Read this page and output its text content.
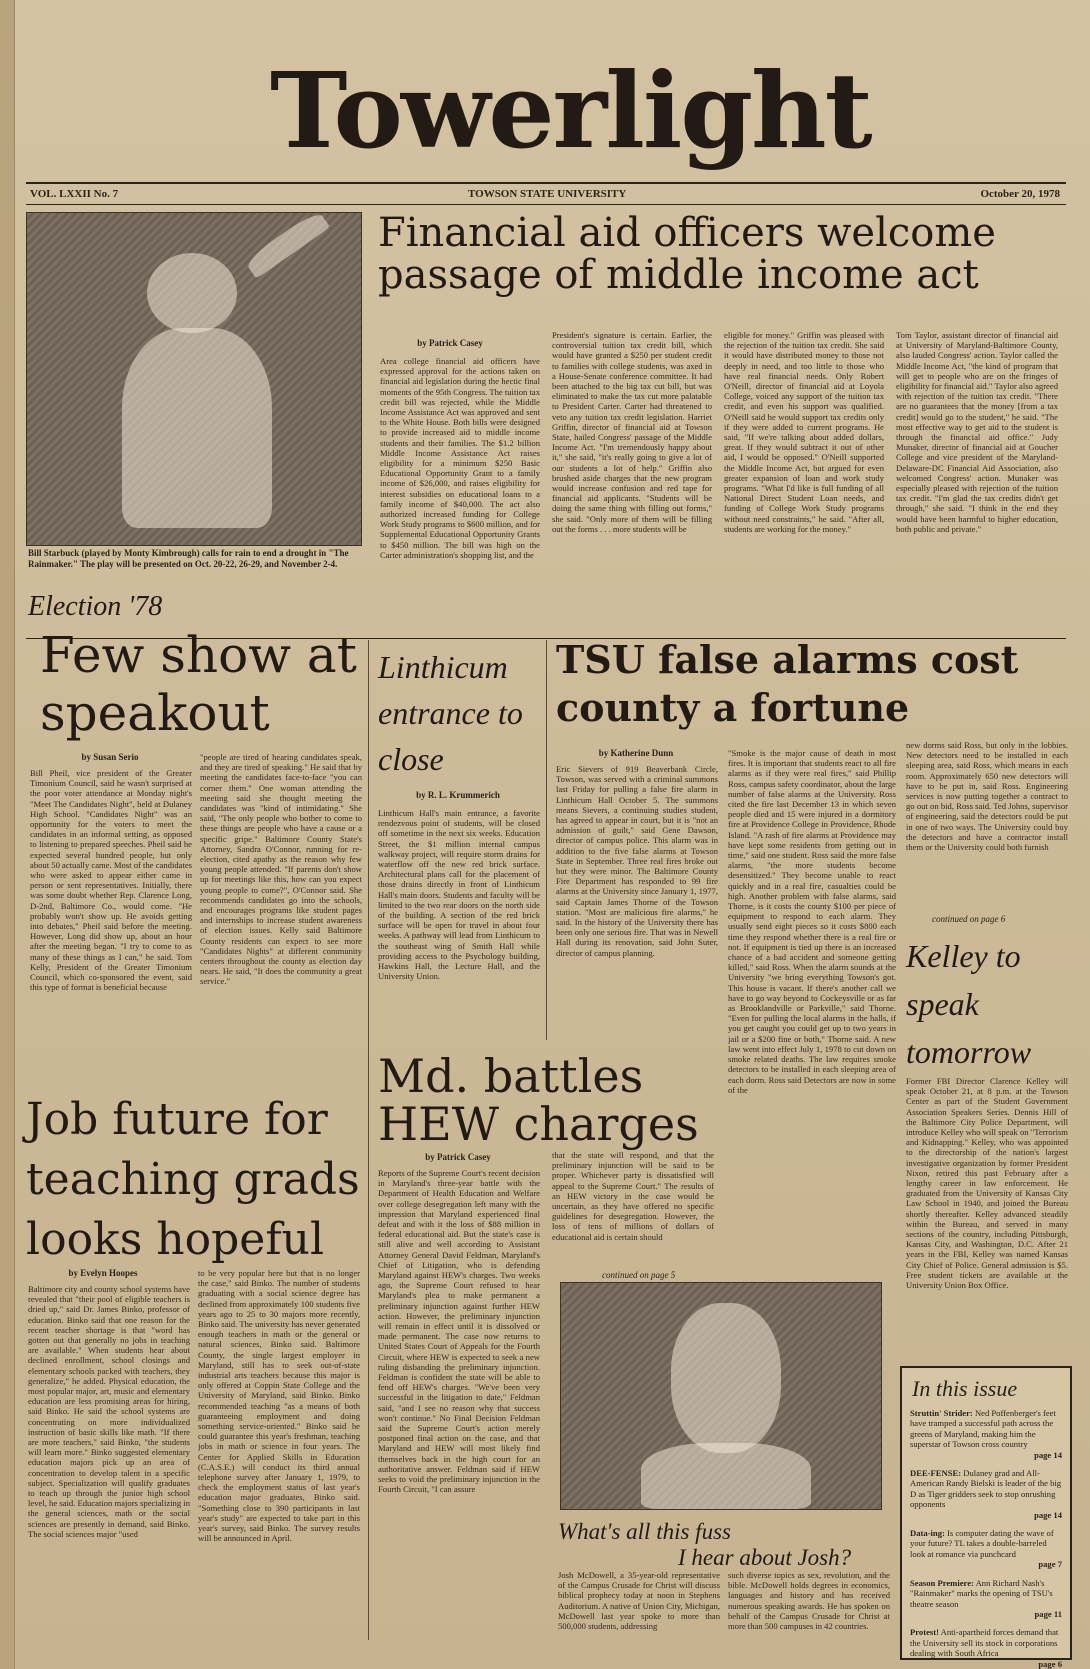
Towerlight
VOL. LXXII No. 7	TOWSON STATE UNIVERSITY	October 20, 1978
Bill Starbuck (played by Monty Kimbrough) calls for rain to end a drought in "The Rainmaker." The play will be presented on Oct. 20-22, 26-29, and November 2-4.
Financial aid officers welcome passage of middle income act
by Patrick Casey
Area college financial aid officers have expressed approval for the actions taken on financial aid legislation during the hectic final moments of the 95th Congress. The tuition tax credit bill was rejected, while the Middle Income Assistance Act was approved and sent to the White House. Both bills were designed to provide increased aid to middle income students and their families. The $1.2 billion Middle Income Assistance Act raises eligibility for a minimum $250 Basic Educational Opportunity Grant to a family income of $26,000, and raises eligibility for interest subsidies on educational loans to a family income of $40,000. The act also authorized increased funding for College Work Study programs to $600 million, and for Supplemental Educational Opportunity Grants to $450 million. The bill was high on the Carter administration's shopping list, and the
President's signature is certain. Earlier, the controversial tuition tax credit bill, which would have granted a $250 per student credit to families with college students, was axed in a House-Senate conference committee. It had been attached to the big tax cut bill, but was eliminated to make the tax cut more palatable to President Carter. Carter had threatened to veto any tuition tax credit legislation. Harriet Griffin, director of financial aid at Towson State, hailed Congress' passage of the Middle Income Act. "I'm tremendously happy about it," she said, "it's really going to give a lot of our students a lot of help." Griffin also brushed aside charges that the new program would increase confusion and red tape for financial aid applicants. "Students will be doing the same thing with filling out forms," she said. "Only more of them will be filling out the forms . . . more students will be
eligible for money." Griffin was pleased with the rejection of the tuition tax credit. She said it would have distributed money to those not deeply in need, and too little to those who have real financial needs. Only Robert O'Neill, director of financial aid at Loyola College, voiced any support of the tuition tax credit, and even his support was qualified. O'Neill said he would support tax credits only if they were added to current programs. He said, "If we're talking about added dollars, great. If they would subtract it out of other aid, I would be opposed." O'Neill supported the Middle Income Act, but argued for even greater expansion of loan and work study programs. "What I'd like is full funding of all National Direct Student Loan needs, and funding of College Work Study programs without need constraints," he said. "After all, students are working for the money."
Tom Taylor, assistant director of financial aid at University of Maryland-Baltimore County, also lauded Congress' action. Taylor called the Middle Income Act, "the kind of program that will get to people who are on the fringes of eligibility for financial aid." Taylor also agreed with rejection of the tuition tax credit. "There are no guarantees that the money [from a tax credit] would go to the student," he said. "The most effective way to get aid to the student is through the financial aid office." Judy Munaker, director of financial aid at Goucher College and vice president of the Maryland-Delaware-DC Financial Aid Association, also welcomed Congress' action. Munaker was especially pleased with rejection of the tuition tax credit. "I'm glad the tax credits didn't get through," she said. "I think in the end they would have been harmful to higher education, both public and private."
Election '78
Few show at speakout
by Susan Serio
Bill Pheil, vice president of the Greater Timonium Council, said he wasn't surprised at the poor voter attendance at Monday night's "Meet The Candidates Night", held at Dulaney High School. "Candidates Night" was an opportunity for the voters to meet the candidates in an informal setting, as opposed to listening to prepared speeches. Pheil said he expected several hundred people, but only about 50 actually came. Most of the candidates who were asked to appear either came in person or sent representatives. Initially, there was some doubt whether Rep. Clarence Long, D-2nd, Baltimore Co., would come. "He probably won't show up. He avoids getting into debates," Pheil said before the meeting. However, Long did show up, about an hour after the meeting began. "I try to come to as many of these things as I can," he said. Tom Kelly, President of the Greater Timonium Council, which co-sponsored the event, said this type of format is beneficial because
"people are tired of hearing candidates speak, and they are tired of speaking." He said that by meeting the candidates face-to-face "you can corner them." One woman attending the meeting said she thought meeting the candidates was "kind of intimidating." She said, "The only people who bother to come to these things are people who have a cause or a specific gripe." Baltimore County State's Attorney, Sandra O'Connor, running for re-election, cited apathy as the reason why few young people attended. "If parents don't show up for meetings like this, how can you expect young people to come?", O'Connor said. She recommends candidates go into the schools, and encourages programs like student pages and internships to increase student awareness of election issues. Kelly said Baltimore County residents can expect to see more "Candidates Nights" at different community centers throughout the county as election day nears. He said, "It does the community a great service."
Linthicum entrance to close
by R. L. Krummerich
Linthicum Hall's main entrance, a favorite rendezvous point of students, will be closed off sometime in the next six weeks. Education Street, the $1 million internal campus walkway project, will require storm drains for waterflow off the new red brick surface. Architectural plans call for the placement of those drains directly in front of Linthicum Hall's main doors. Students and faculty will be limited to the two rear doors on the north side of the building. A section of the red brick surface will be open for travel in about four weeks. A pathway will lead from Linthicum to the southeast wing of Smith Hall while providing access to the Psychology building, Hawkins Hall, the Lecture Hall, and the University Union.
TSU false alarms cost county a fortune
by Katherine Dunn
Eric Sievers of 919 Beaverbank Circle, Towson, was served with a criminal summons last Friday for pulling a false fire alarm in Linthicum Hall October 5. The summons means Sievers, a continuing studies student, has agreed to appear in court, but it is "not an admission of guilt," said Gene Dawson, director of campus police. This alarm was in addition to the five false alarms at Towson State in September. Three real fires broke out but they were minor. The Baltimore County Fire Department has responded to 99 fire alarms at the University since January 1, 1977, said Captain James Thorne of the Towson station. "Most are malicious fire alarms," he said. In the history of the University there has been only one serious fire. That was in Newell Hall during its renovation, said John Suter, director of campus planning.
"Smoke is the major cause of death in most fires. It is important that students react to all fire alarms as if they were real fires," said Phillip Ross, campus safety coordinator, about the large number of false alarms at the University. Ross cited the fire last December 13 in which seven people died and 15 were injured in a dormitory fire at Providence College in Providence, Rhode Island. "A rash of fire alarms at Providence may have kept some residents from getting out in time," said one student. Ross said the more false alarms, "the more students become desensitized." They become unable to react quickly and in a real fire, casualties could be high. Another problem with false alarms, said Thorne, is it costs the county $100 per piece of equipment to respond to each alarm. They usually send eight pieces so it costs $800 each time they respond whether there is a real fire or not. If equipment is tied up there is an increased chance of a bad accident and someone getting killed," said Ross. When the alarm sounds at the University "we bring everything Towson's got. This house is vacant. If there's another call we have to go way beyond to Cockeysville or as far as Brooklandville or Parkville," said Thorne. "Even for pulling the local alarms in the halls, if you get caught you could get up to two years in jail or a $200 fine or both," Thorne said. A new law went into effect July 1, 1978 to cut down on smoke related deaths. The law requires smoke detectors to be installed in each sleeping area of each dorm. Ross said Detectors are now in some of the
new dorms said Ross, but only in the lobbies. New detectors need to be installed in each sleeping area, said Ross, which means in each room. Approximately 650 new detectors will have to be put in, said Ross. Engineering services is now putting together a contract to go out on bid, Ross said. Ted Johns, supervisor of engineering, said the detectors could be put in one of two ways. The University could buy the detectors and have a contractor install them or the University could both furnish
continued on page 6
Kelley to speak tomorrow
Former FBI Director Clarence Kelley will speak October 21, at 8 p.m. at the Towson Center as part of the Student Government Association Speakers Series. Dennis Hill of the Baltimore City Police Department, will introduce Kelley who will speak on "Terrorism and Kidnapping." Kelley, who was appointed to the directorship of the nation's largest investigative organization by former President Nixon, retired this past February after a lengthy career in law enforcement. He graduated from the University of Kansas City Law School in 1940, and joined the Bureau shortly thereafter. Kelley advanced steadily within the Bureau, and served in many sections of the country, including Pittsburgh, Kansas City, and Washington, D.C. After 21 years in the FBI, Kelley was named Kansas City Chief of Police. General admission is $5. Free student tickets are available at the University Union Box Office.
In this issue
Struttin' Strider: Ned Poffenberger's feet have tramped a successful path across the greens of Maryland, making him the superstar of Towson cross country
page 14
DEE-FENSE: Dulaney grad and All-American Randy Bielski is leader of the big D as Tiger gridders seek to stop onrushing opponents
page 14
Data-ing: Is computer dating the wave of your future? TL takes a double-barreled look at romance via punchcard
page 7
Season Premiere: Ann Richard Nash's "Rainmaker" marks the opening of TSU's theatre season
page 11
Protest! Anti-apartheid forces demand that the University sell its stock in corporations dealing with South Africa
page 6
Job future for teaching grads looks hopeful
by Evelyn Hoopes
Baltimore city and county school systems have revealed that "their pool of eligible teachers is dried up," said Dr. James Binko, professor of education. Binko said that one reason for the recent teacher shortage is that "word has gotten out that generally no jobs in teaching are available." When students hear about declined enrollment, school closings and elementary schools packed with teachers, they generalize," he added. Physical education, the most popular major, art, music and elementary education are less promising areas for hiring, said Binko. He said the school systems are concentrating on more individualized instruction of basic skills like math. "If there are more teachers," said Binko, "the students will learn more." Binko suggested elementary education majors pick up an area of concentration to develop talent in a specific subject. Specialization will qualify graduates to teach up through the junior high school level, he said. Education majors specializing in the general sciences, math or the social sciences are presently in demand, said Binko. The social sciences major "used
to be very popular here but that is no longer the case," said Binko. The number of students graduating with a social science degree has declined from approximately 100 students five years ago to 25 to 30 majors more recently, Binko said. The university has never generated enough teachers in math or the general or natural sciences, Binko said. Baltimore County, the single largest employer in Maryland, still has to seek out-of-state industrial arts teachers because this major is only offered at Coppin State College and the University of Maryland, said Binko. Binko recommended teaching "as a means of both guaranteeing employment and doing something service-oriented." Binko said he could guarantee this year's freshman, teaching jobs in math or science in four years. The Center for Applied Skills in Education (C.A.S.E.) will conduct its third annual telephone survey after January 1, 1979, to check the employment status of last year's education major graduates, Binko said. "Something close to 390 participants in last year's study" are expected to take part in this year's survey, said Binko. The survey results will be announced in April.
Md. battles HEW charges
by Patrick Casey
Reports of the Supreme Court's recent decision in Maryland's three-year battle with the Department of Health Education and Welfare over college desegregation left many with the impression that Maryland experienced final defeat and with it the loss of $88 million in federal educational aid. But the state's case is still alive and well according to Assistant Attorney General David Feldman, Maryland's Chief of Litigation, who is defending Maryland against HEW's charges. Two weeks ago, the Supreme Court refused to hear Maryland's plea to make permanent a preliminary injunction against further HEW action. However, the preliminary injunction will remain in effect until it is dissolved or made permanent. The case now returns to United States Court of Appeals for the Fourth Circuit, where HEW is expected to seek a new ruling disbanding the preliminary injunction. Feldman is confident the state will be able to fend off HEW's charges. "We've been very successful in the litigation to date," Feldman said, "and I see no reason why that success won't continue." No Final Decision Feldman said the Supreme Court's action merely postponed final action on the case, and that Maryland and HEW will most likely find themselves back in the high court for an authoritative answer. Feldman said if HEW seeks to void the preliminary injunction in the Fourth Circuit, "I can assure
that the state will respond, and that the preliminary injunction will be said to be proper. Whichever party is dissatisfied will appeal to the Supreme Court." The results of an HEW victory in the case would be uncertain, as they have offered no specific guidelines for desegregation. However, the loss of tens of millions of dollars of educational aid is certain should
continued on page 5
What's all this fuss
I hear about Josh?
Josh McDowell, a 35-year-old representative of the Campus Crusade for Christ will discuss biblical prophecy today at noon in Stephens Auditorium. A native of Union City, Michigan, McDowell last year spoke to more than 500,000 students, addressing
such diverse topics as sex, revolution, and the bible. McDowell holds degrees in economics, languages and history and has received numerous speaking awards. He has spoken on behalf of the Campus Crusade for Christ at more than 500 campuses in 42 countries.
